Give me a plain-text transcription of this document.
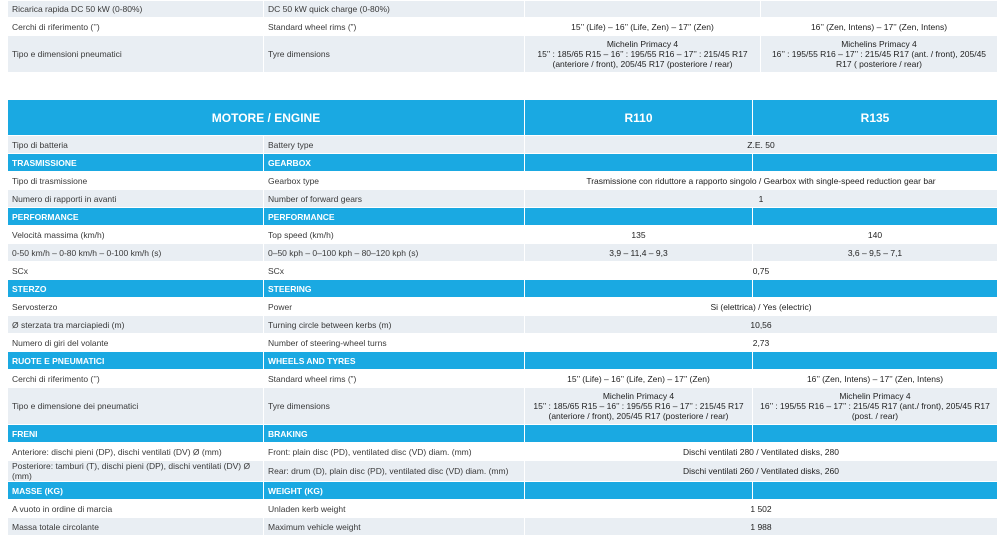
Ricarica rapida DC 50 kW (0-80%)	DC 50 kW quick charge (0-80%)		
Cerchi di riferimento (’’)	Standard wheel rims (”)	15’’ (Life) – 16’’ (Life, Zen) – 17’’ (Zen)	16’’ (Zen, Intens) – 17’’ (Zen, Intens)
Tipo e dimensioni pneumatici	Tyre dimensions	Michelin Primacy 4
15’’ : 185/65 R15 – 16’’ : 195/55 R16 – 17’’ : 215/45 R17
(anteriore / front), 205/45 R17 (posteriore / rear)	Michelins Primacy 4
16’’ : 195/55 R16 – 17’’ : 215/45 R17 (ant. / front), 205/45
R17 ( posteriore / rear)
MOTORE / ENGINE		R110	R135
Tipo di batteria	Battery type	Z.E. 50	
TRASMISSIONE	GEARBOX		
Tipo di trasmissione	Gearbox type	Trasmissione con riduttore a rapporto singolo / Gearbox with single-speed reduction gear bar	
Numero di rapporti in avanti	Number of forward gears	1	
PERFORMANCE	PERFORMANCE		
Velocità massima (km/h)	Top speed (km/h)	135	140
0-50 km/h – 0-80 km/h – 0-100 km/h (s)	0–50 kph – 0–100 kph – 80–120 kph (s)	3,9 – 11,4 – 9,3	3,6 – 9,5 – 7,1
SCx	SCx	0,75	
STERZO	STEERING		
Servosterzo	Power	Si (elettrica) / Yes (electric)	
Ø sterzata tra marciapiedi (m)	Turning circle between kerbs (m)	10,56	
Numero di giri del volante	Number of steering-wheel turns	2,73	
RUOTE E PNEUMATICI	WHEELS AND TYRES		
Cerchi di riferimento (’’)	Standard wheel rims (”)	15’’ (Life) – 16’’ (Life, Zen) – 17’’ (Zen)	16’’ (Zen, Intens) – 17’’ (Zen, Intens)
Tipo e dimensione dei pneumatici	Tyre dimensions	Michelin Primacy 4
15’’ : 185/65 R15 – 16’’ : 195/55 R16 – 17’’ : 215/45 R17
(anteriore / front), 205/45 R17 (posteriore / rear)	Michelin Primacy 4
16’’ : 195/55 R16 – 17’’ : 215/45 R17 (ant./ front), 205/45 R17
(post. / rear)
FRENI	BRAKING		
Anteriore: dischi pieni (DP), dischi ventilati (DV) Ø (mm)	Front: plain disc (PD), ventilated disc (VD) diam. (mm)	Dischi ventilati 280 / Ventilated disks, 280	
Posteriore: tamburi (T), dischi pieni (DP), dischi ventilati (DV) Ø
(mm)	Rear: drum (D), plain disc (PD), ventilated disc (VD) diam. (mm)	Dischi ventilati 260 / Ventilated disks, 260	
MASSE (KG)	WEIGHT (KG)		
A vuoto in ordine di marcia	Unladen kerb weight	1 502	
Massa totale circolante	Maximum vehicle weight	1 988	
